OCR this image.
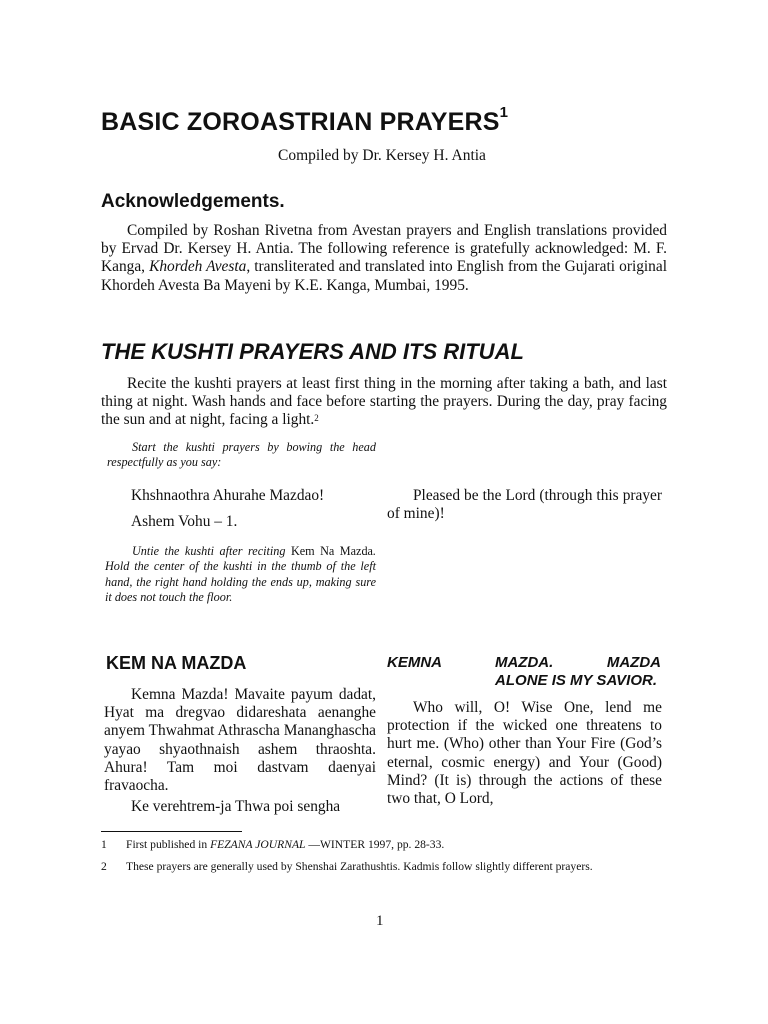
BASIC ZOROASTRIAN PRAYERS$^1$
Compiled by Dr. Kersey H. Antia
Acknowledgements.
Compiled by Roshan Rivetna from Avestan prayers and English translations provided by Ervad Dr. Kersey H. Antia. The following reference is gratefully acknowledged: M. F. Kanga, Khordeh Avesta, transliterated and translated into English from the Gujarati original Khordeh Avesta Ba Mayeni by K.E. Kanga, Mumbai, 1995.
THE KUSHTI PRAYERS AND ITS RITUAL
Recite the kushti prayers at least first thing in the morning after taking a bath, and last thing at night. Wash hands and face before starting the prayers. During the day, pray facing the sun and at night, facing a light.$^2$
Start the kushti prayers by bowing the head respectfully as you say:
Khshnaothra Ahurahe Mazdao!
Ashem Vohu – 1.
Pleased be the Lord (through this prayer of mine)!
Untie the kushti after reciting Kem Na Mazda. Hold the center of the kushti in the thumb of the left hand, the right hand holding the ends up, making sure it does not touch the floor.
KEM NA MAZDA
Kemna Mazda! Mavaite payum dadat, Hyat ma dregvao didareshata aenanghe anyem Thwahmat Athrascha Mananghascha yayao shyaothnaish ashem thraoshta. Ahura! Tam moi dastvam daenyai fravaocha.
Ke verehtrem-ja Thwa poi sengha
KEMNA MAZDA. MAZDA
ALONE IS MY SAVIOR.
Who will, O! Wise One, lend me protection if the wicked one threatens to hurt me. (Who) other than Your Fire (God’s eternal, cosmic energy) and Your (Good) Mind? (It is) through the actions of these two that, O Lord,
1 First published in FEZANA JOURNAL —WINTER 1997, pp. 28-33.
2 These prayers are generally used by Shenshai Zarathushtis. Kadmis follow slightly different prayers.
1
